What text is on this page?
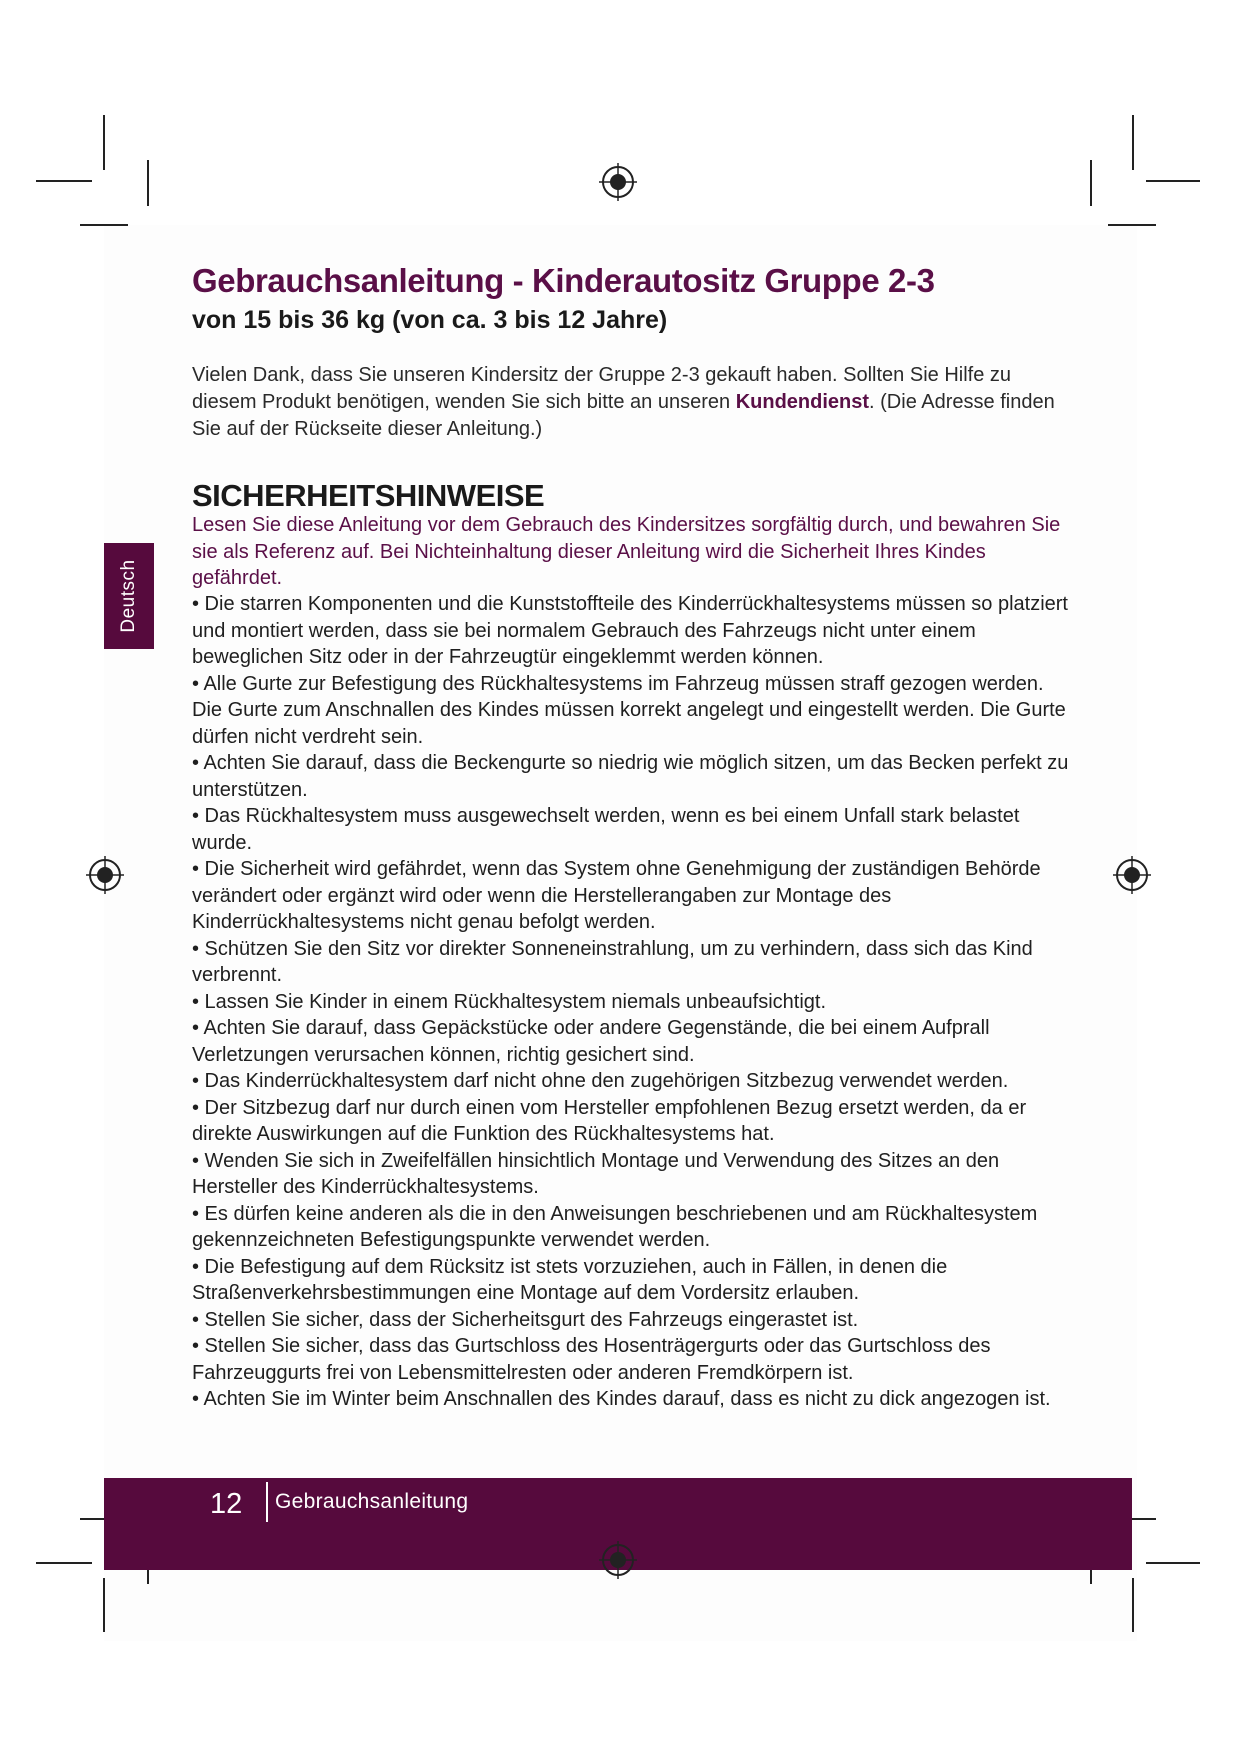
Deutsch
Gebrauchsanleitung - Kinderautositz Gruppe 2-3
von 15 bis 36 kg (von ca. 3 bis 12 Jahre)

Vielen Dank, dass Sie unseren Kindersitz der Gruppe 2-3 gekauft haben. Sollten Sie Hilfe zu diesem Produkt benötigen, wenden Sie sich bitte an unseren Kundendienst. (Die Adresse finden Sie auf der Rückseite dieser Anleitung.)

SICHERHEITSHINWEISE

Lesen Sie diese Anleitung vor dem Gebrauch des Kindersitzes sorgfältig durch, und bewahren Sie sie als Referenz auf. Bei Nichteinhaltung dieser Anleitung wird die Sicherheit Ihres Kindes gefährdet.

• Die starren Komponenten und die Kunststoffteile des Kinderrückhaltesystems müssen so platziert und montiert werden, dass sie bei normalem Gebrauch des Fahrzeugs nicht unter einem beweglichen Sitz oder in der Fahrzeugtür eingeklemmt werden können.
• Alle Gurte zur Befestigung des Rückhaltesystems im Fahrzeug müssen straff gezogen werden. Die Gurte zum Anschnallen des Kindes müssen korrekt angelegt und eingestellt werden. Die Gurte dürfen nicht verdreht sein.
• Achten Sie darauf, dass die Beckengurte so niedrig wie möglich sitzen, um das Becken perfekt zu unterstützen.
• Das Rückhaltesystem muss ausgewechselt werden, wenn es bei einem Unfall stark belastet wurde.
• Die Sicherheit wird gefährdet, wenn das System ohne Genehmigung der zuständigen Behörde verändert oder ergänzt wird oder wenn die Herstellerangaben zur Montage des Kinderrückhaltesystems nicht genau befolgt werden.
• Schützen Sie den Sitz vor direkter Sonneneinstrahlung, um zu verhindern, dass sich das Kind verbrennt.
• Lassen Sie Kinder in einem Rückhaltesystem niemals unbeaufsichtigt.
• Achten Sie darauf, dass Gepäckstücke oder andere Gegenstände, die bei einem Aufprall Verletzungen verursachen können, richtig gesichert sind.
• Das Kinderrückhaltesystem darf nicht ohne den zugehörigen Sitzbezug verwendet werden.
• Der Sitzbezug darf nur durch einen vom Hersteller empfohlenen Bezug ersetzt werden, da er direkte Auswirkungen auf die Funktion des Rückhaltesystems hat.
• Wenden Sie sich in Zweifelfällen hinsichtlich Montage und Verwendung des Sitzes an den Hersteller des Kinderrückhaltesystems.
• Es dürfen keine anderen als die in den Anweisungen beschriebenen und am Rückhaltesystem gekennzeichneten Befestigungspunkte verwendet werden.
• Die Befestigung auf dem Rücksitz ist stets vorzuziehen, auch in Fällen, in denen die Straßenverkehrsbestimmungen eine Montage auf dem Vordersitz erlauben.
• Stellen Sie sicher, dass der Sicherheitsgurt des Fahrzeugs eingerastet ist.
• Stellen Sie sicher, dass das Gurtschloss des Hosenträgergurts oder das Gurtschloss des Fahrzeuggurts frei von Lebensmittelresten oder anderen Fremdkörpern ist.
• Achten Sie im Winter beim Anschnallen des Kindes darauf, dass es nicht zu dick angezogen ist.
12 Gebrauchsanleitung
